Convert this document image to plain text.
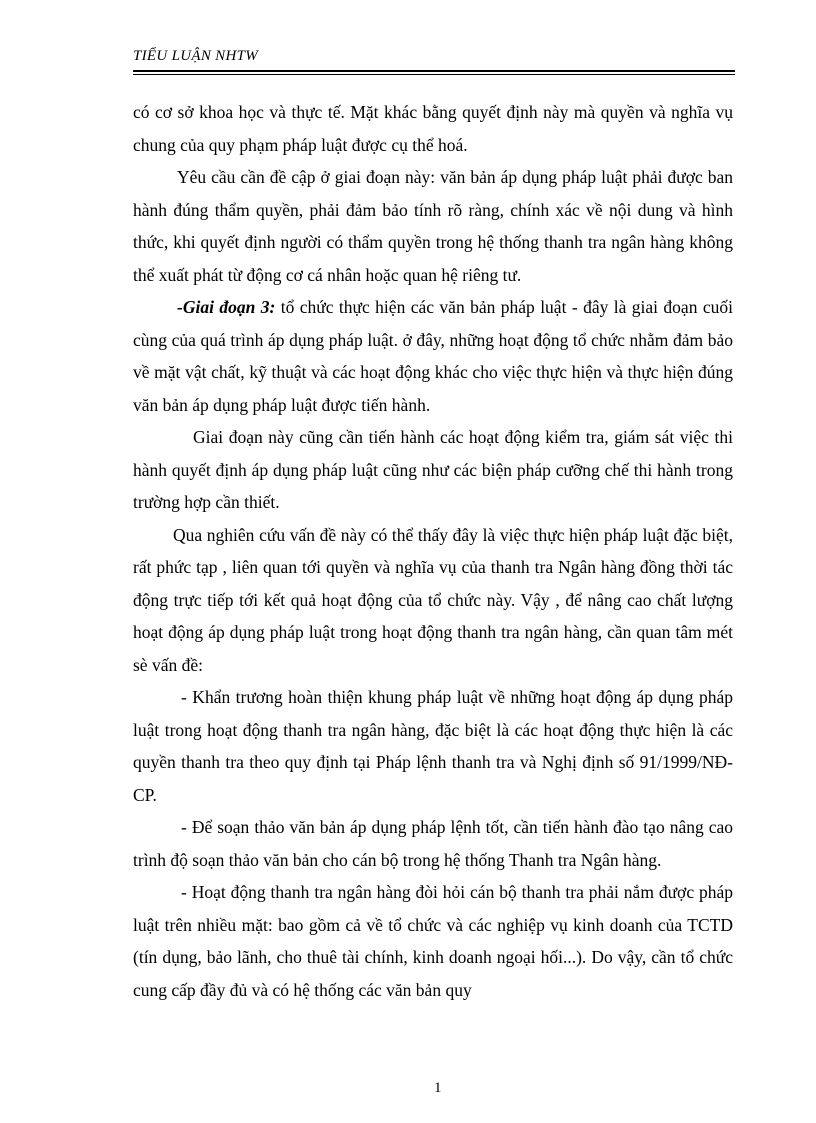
TIỂU LUẬN NHTW

có cơ sở khoa học và thực tế. Mặt khác bằng quyết định này mà quyền và nghĩa vụ chung của quy phạm pháp luật được cụ thể hoá.

Yêu cầu cần đề cập ở giai đoạn này: văn bản áp dụng pháp luật phải được ban hành đúng thẩm quyền, phải đảm bảo tính rõ ràng, chính xác về nội dung và hình thức, khi quyết định người có thẩm quyền trong hệ thống thanh tra ngân hàng không thể xuất phát từ động cơ cá nhân hoặc quan hệ riêng tư.

-Giai đoạn 3: tổ chức thực hiện các văn bản pháp luật - đây là giai đoạn cuối cùng của quá trình áp dụng pháp luật. ở đây, những hoạt động tổ chức nhằm đảm bảo về mặt vật chất, kỹ thuật và các hoạt động khác cho việc thực hiện và thực hiện đúng văn bản áp dụng pháp luật được tiến hành.

Giai đoạn này cũng cần tiến hành các hoạt động kiểm tra, giám sát việc thi hành quyết định áp dụng pháp luật cũng như các biện pháp cưỡng chế thi hành trong trường hợp cần thiết.

Qua nghiên cứu vấn đề này có thể thấy đây là việc thực hiện pháp luật đặc biệt, rất phức tạp , liên quan tới quyền và nghĩa vụ của thanh tra Ngân hàng đồng thời tác động trực tiếp tới kết quả hoạt động của tổ chức này. Vậy , để nâng cao chất lượng hoạt động áp dụng pháp luật trong hoạt động thanh tra ngân hàng, cần quan tâm mét sè vấn đề:

- Khẩn trương hoàn thiện khung pháp luật về những hoạt động áp dụng pháp luật trong hoạt động thanh tra ngân hàng, đặc biệt là các hoạt động thực hiện là các quyền thanh tra theo quy định tại Pháp lệnh thanh tra và Nghị định số 91/1999/NĐ-CP.

- Để soạn thảo văn bản áp dụng pháp lệnh tốt, cần tiến hành đào tạo nâng cao trình độ soạn thảo văn bản cho cán bộ trong hệ thống Thanh tra Ngân hàng.

- Hoạt động thanh tra ngân hàng đòi hỏi cán bộ thanh tra phải nắm được pháp luật trên nhiều mặt: bao gồm cả về tổ chức và các nghiệp vụ kinh doanh của TCTD (tín dụng, bảo lãnh, cho thuê tài chính, kinh doanh ngoại hối...). Do vậy, cần tổ chức cung cấp đầy đủ và có hệ thống các văn bản quy

1
